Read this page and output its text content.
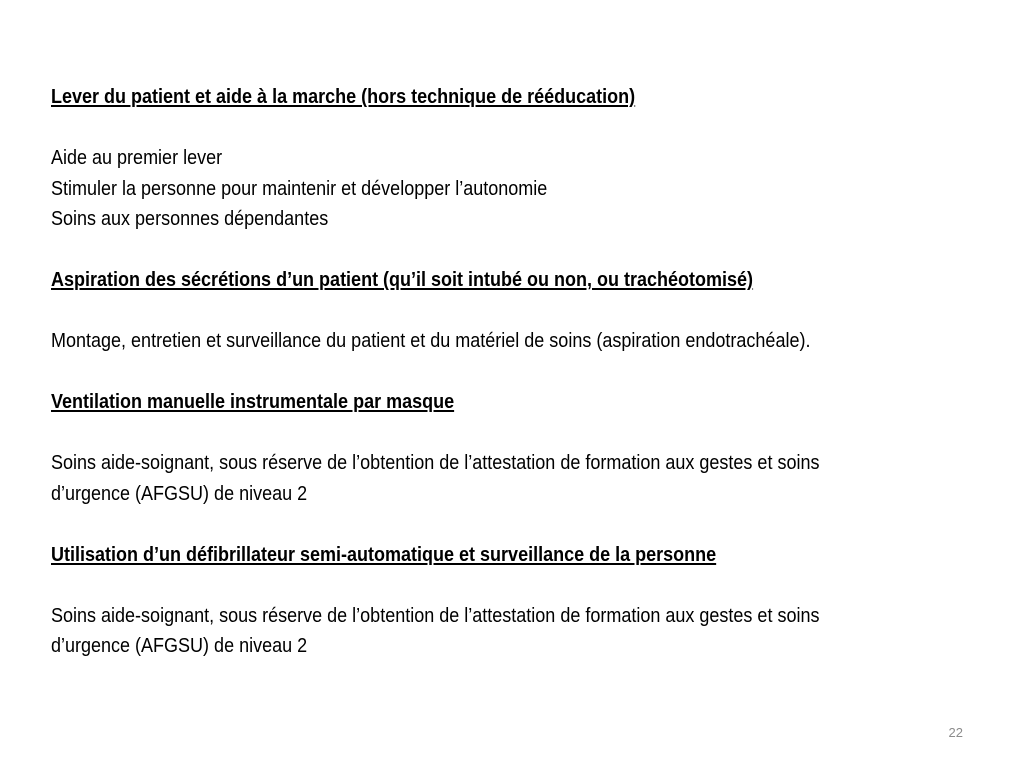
Lever du patient et aide à la marche (hors technique de rééducation)

Aide au premier lever

Stimuler la personne pour maintenir et développer l’autonomie

Soins aux personnes dépendantes

Aspiration des sécrétions d’un patient (qu’il soit intubé ou non, ou trachéotomisé)

Montage, entretien et surveillance du patient et du matériel de soins (aspiration endotrachéale).

Ventilation manuelle instrumentale par masque

Soins aide-soignant, sous réserve de l’obtention de l’attestation de formation aux gestes et soins

d’urgence (AFGSU) de niveau 2

Utilisation d’un défibrillateur semi-automatique et surveillance de la personne

Soins aide-soignant, sous réserve de l’obtention de l’attestation de formation aux gestes et soins

d’urgence (AFGSU) de niveau 2

22
